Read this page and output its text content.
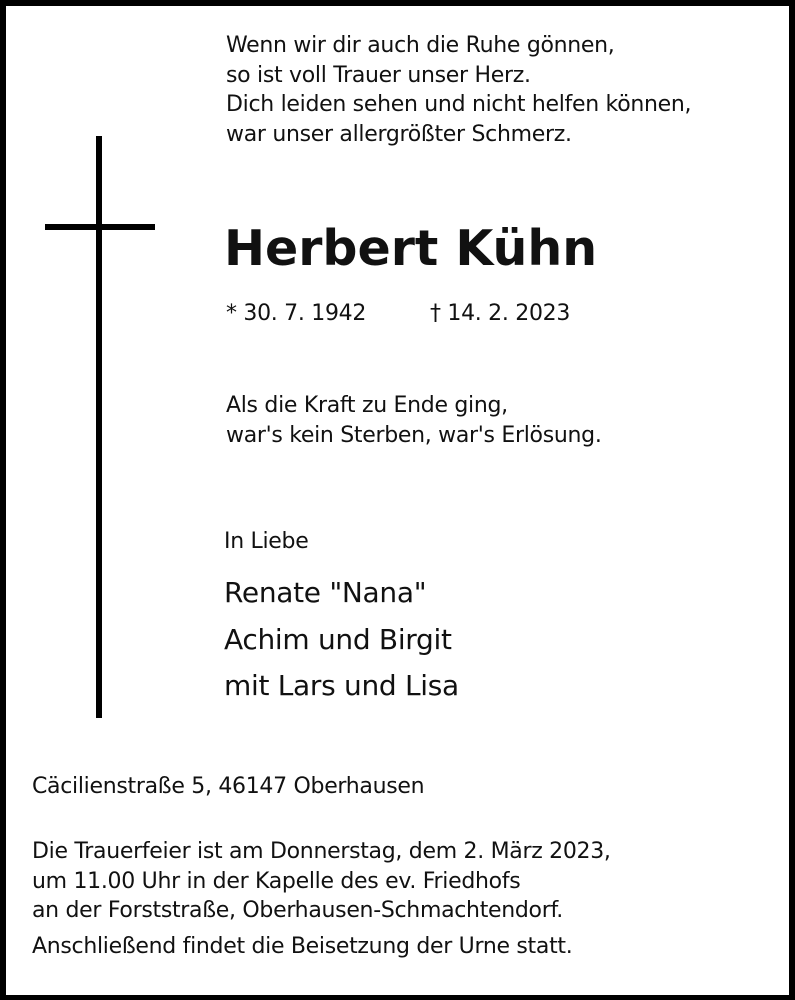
Wenn wir dir auch die Ruhe gönnen,
so ist voll Trauer unser Herz.
Dich leiden sehen und nicht helfen können,
war unser allergrößter Schmerz.
Herbert Kühn
* 30. 7. 1942	† 14. 2. 2023
Als die Kraft zu Ende ging,
war's kein Sterben, war's Erlösung.
In Liebe
Renate "Nana"
Achim und Birgit
mit Lars und Lisa
Cäcilienstraße 5, 46147 Oberhausen
Die Trauerfeier ist am Donnerstag, dem 2. März 2023,
um 11.00 Uhr in der Kapelle des ev. Friedhofs
an der Forststraße, Oberhausen-Schmachtendorf.
Anschließend findet die Beisetzung der Urne statt.
